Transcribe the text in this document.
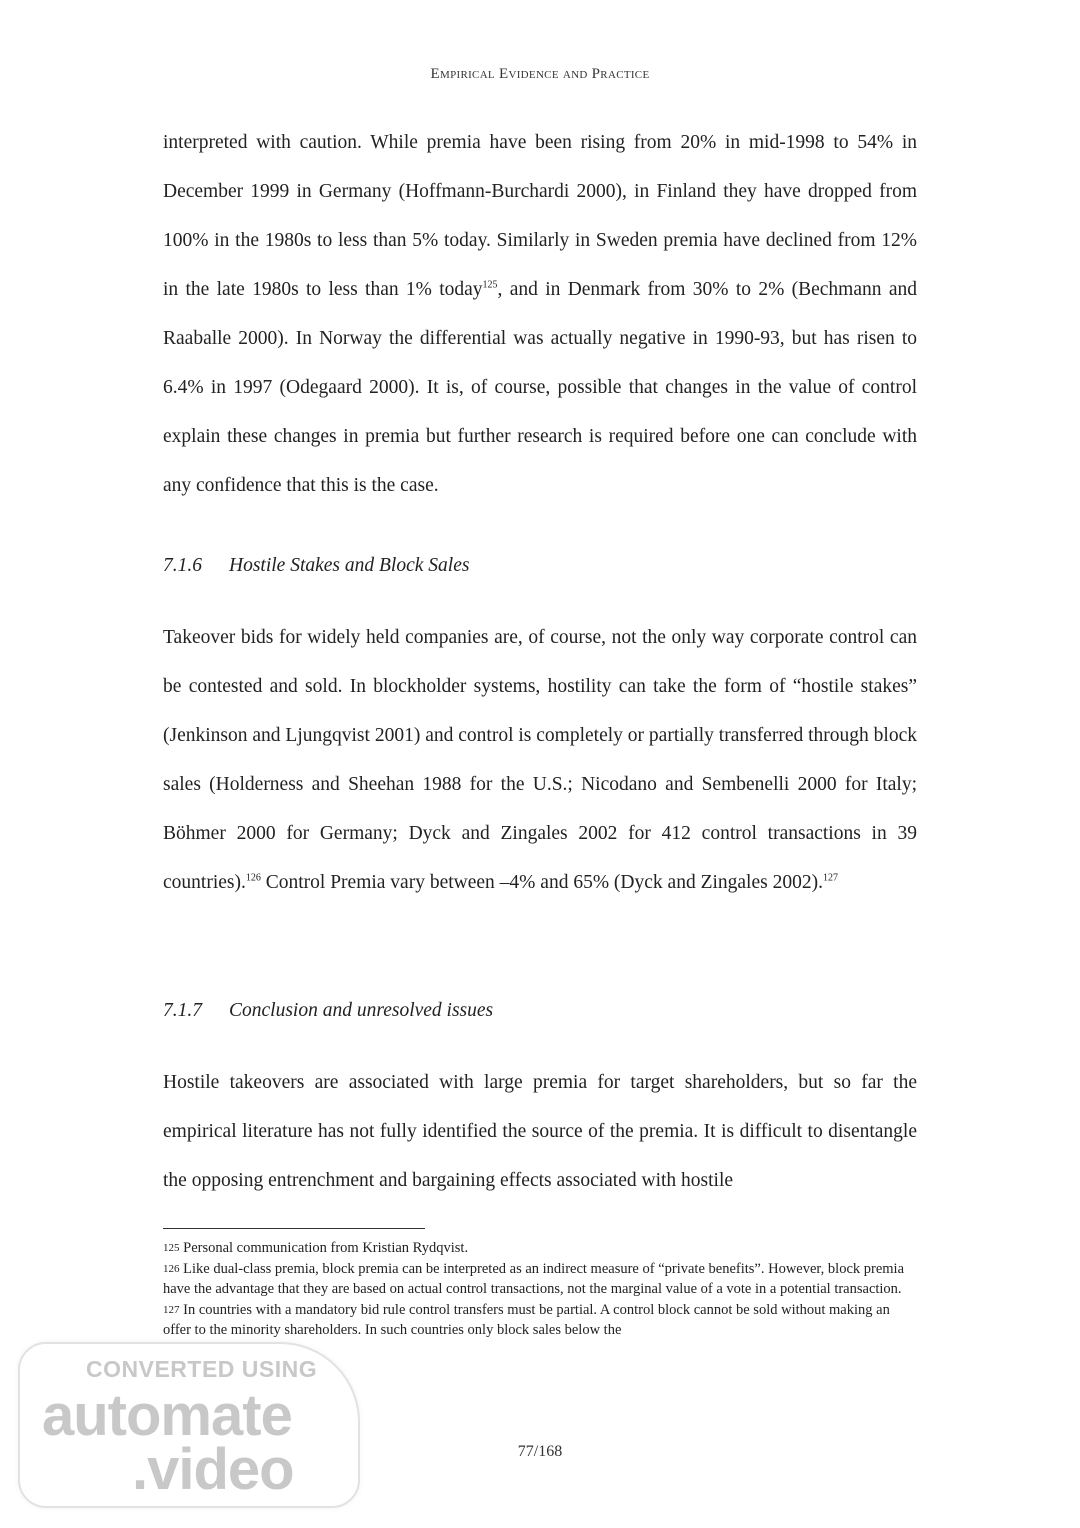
Empirical Evidence and Practice

interpreted with caution. While premia have been rising from 20% in mid-1998 to 54% in December 1999 in Germany (Hoffmann-Burchardi 2000), in Finland they have dropped from 100% in the 1980s to less than 5% today. Similarly in Sweden premia have declined from 12% in the late 1980s to less than 1% today$^{125}$, and in Denmark from 30% to 2% (Bechmann and Raaballe 2000). In Norway the differential was actually negative in 1990-93, but has risen to 6.4% in 1997 (Odegaard 2000). It is, of course, possible that changes in the value of control explain these changes in premia but further research is required before one can conclude with any confidence that this is the case.

7.1.6 Hostile Stakes and Block Sales

Takeover bids for widely held companies are, of course, not the only way corporate control can be contested and sold. In blockholder systems, hostility can take the form of “hostile stakes” (Jenkinson and Ljungqvist 2001) and control is completely or partially transferred through block sales (Holderness and Sheehan 1988 for the U.S.; Nicodano and Sembenelli 2000 for Italy; Böhmer 2000 for Germany; Dyck and Zingales 2002 for 412 control transactions in 39 countries).$^{126}$ Control Premia vary between –4% and 65% (Dyck and Zingales 2002).$^{127}$

7.1.7 Conclusion and unresolved issues

Hostile takeovers are associated with large premia for target shareholders, but so far the empirical literature has not fully identified the source of the premia. It is difficult to disentangle the opposing entrenchment and bargaining effects associated with hostile

$^{125}$ Personal communication from Kristian Rydqvist.

$^{126}$ Like dual-class premia, block premia can be interpreted as an indirect measure of “private benefits”. However, block premia have the advantage that they are based on actual control transactions, not the marginal value of a vote in a potential transaction.

$^{127}$ In countries with a mandatory bid rule control transfers must be partial. A control block cannot be sold without making an offer to the minority shareholders. In such countries only block sales below the

77/168
CONVERTED USING
automate
.video
